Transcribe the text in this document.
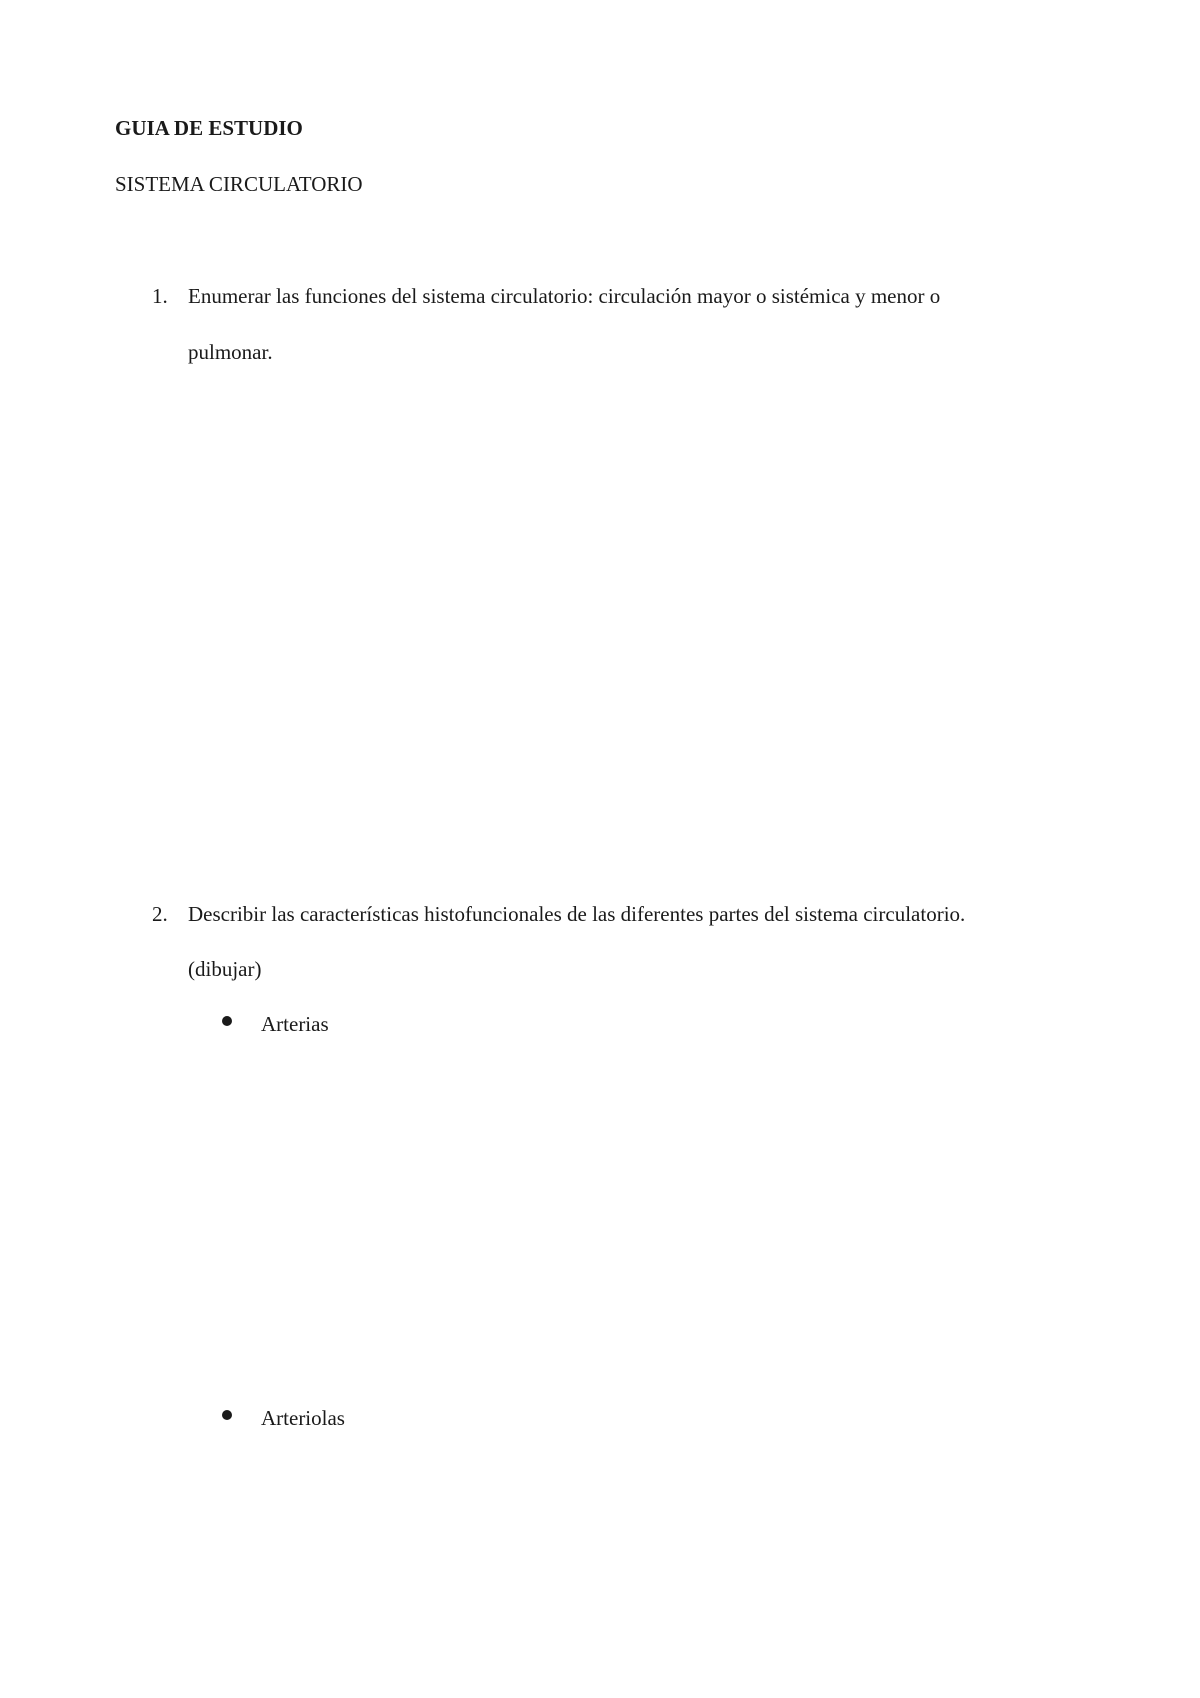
GUIA DE ESTUDIO
SISTEMA CIRCULATORIO
1. Enumerar las funciones del sistema circulatorio: circulación mayor o sistémica y menor o
pulmonar.
2. Describir las características histofuncionales de las diferentes partes del sistema circulatorio.
(dibujar)
Arterias
Arteriolas
